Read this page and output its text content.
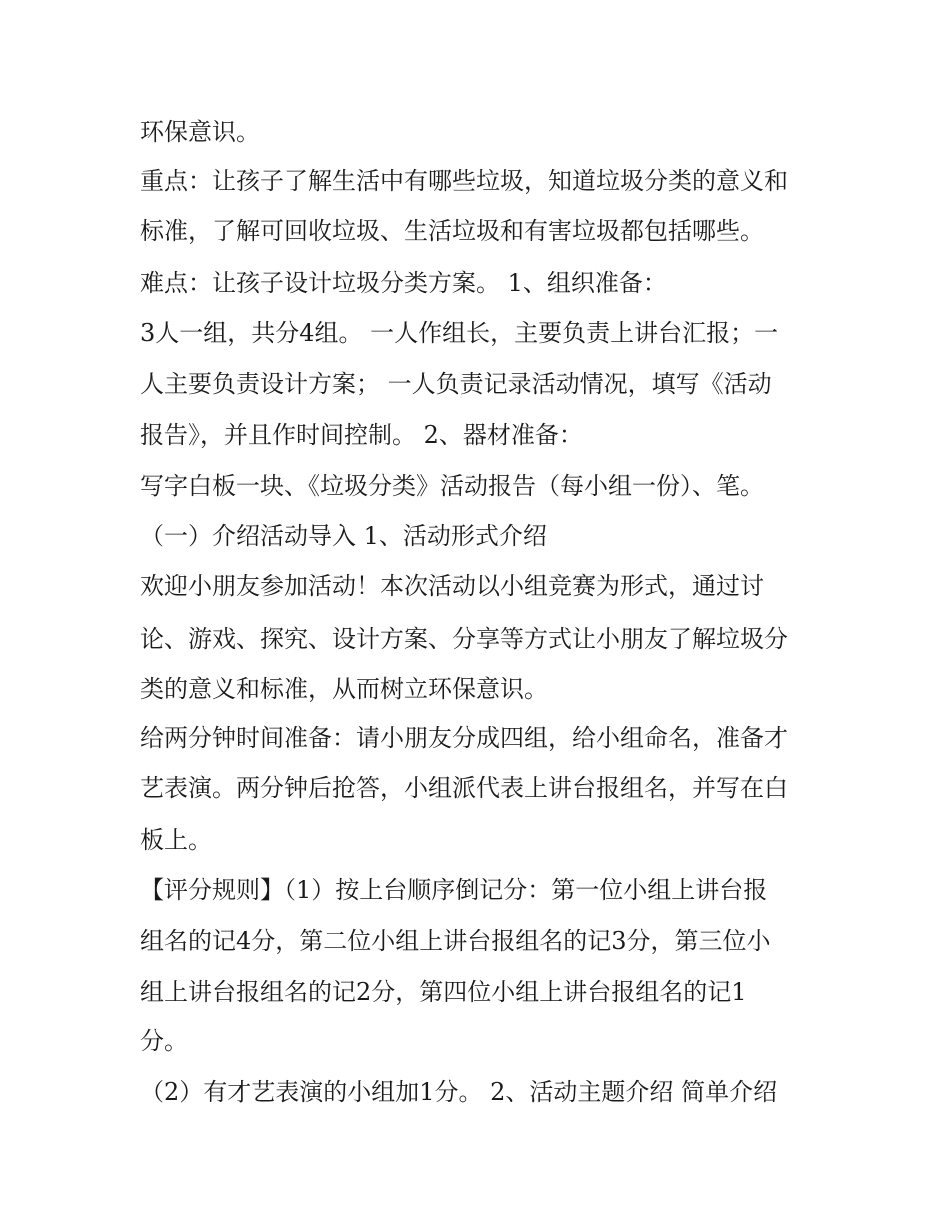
环保意识。

重点：让孩子了解生活中有哪些垃圾，知道垃圾分类的意义和

标准，了解可回收垃圾、生活垃圾和有害垃圾都包括哪些。

难点：让孩子设计垃圾分类方案。 1、组织准备：

3人一组，共分4组。 一人作组长，主要负责上讲台汇报；一

人主要负责设计方案； 一人负责记录活动情况，填写《活动

报告》，并且作时间控制。 2、器材准备：

写字白板一块、《垃圾分类》活动报告（每小组一份）、笔。

（一）介绍活动导入 1、活动形式介绍

欢迎小朋友参加活动！本次活动以小组竞赛为形式，通过讨

论、游戏、探究、设计方案、分享等方式让小朋友了解垃圾分

类的意义和标准，从而树立环保意识。

给两分钟时间准备：请小朋友分成四组，给小组命名，准备才

艺表演。两分钟后抢答，小组派代表上讲台报组名，并写在白

板上。

【评分规则】（1）按上台顺序倒记分：第一位小组上讲台报

组名的记4分，第二位小组上讲台报组名的记3分，第三位小

组上讲台报组名的记2分，第四位小组上讲台报组名的记1

分。

（2）有才艺表演的小组加1分。 2、活动主题介绍 简单介绍
